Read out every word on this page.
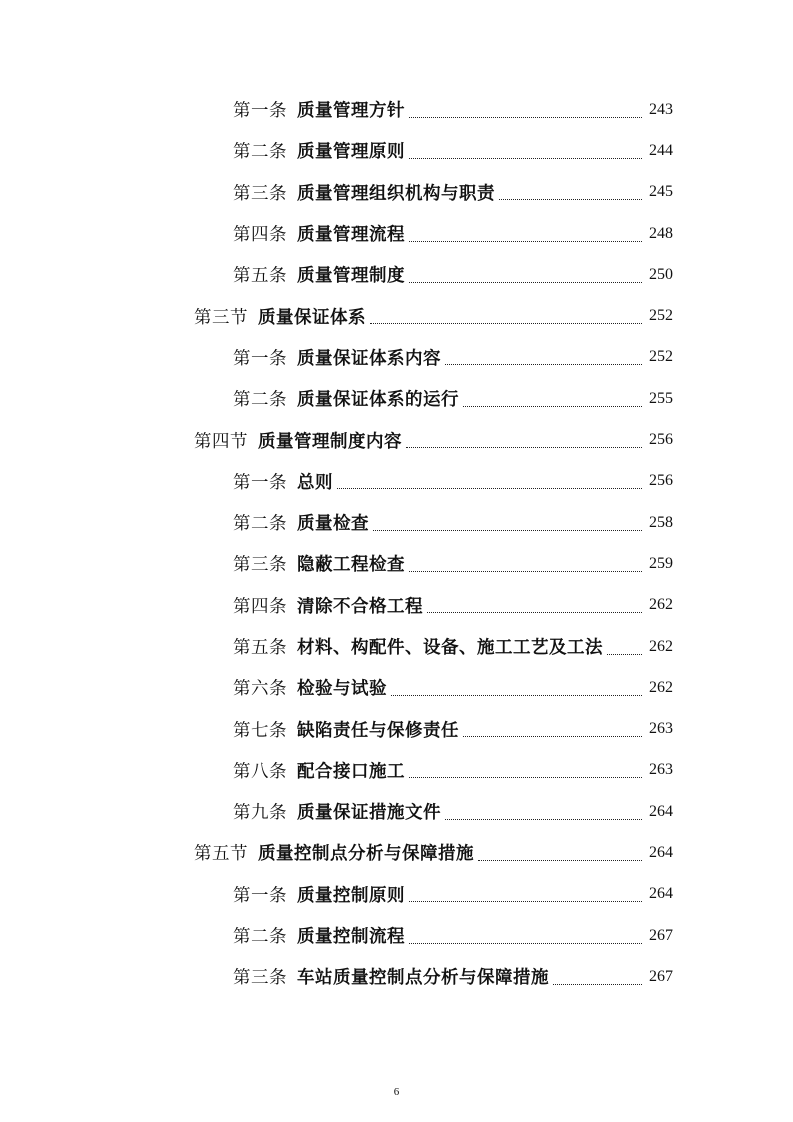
第一条 质量管理方针	243
第二条 质量管理原则	244
第三条 质量管理组织机构与职责	245
第四条 质量管理流程	248
第五条 质量管理制度	250
第三节 质量保证体系	252
第一条 质量保证体系内容	252
第二条 质量保证体系的运行	255
第四节 质量管理制度内容	256
第一条 总则	256
第二条 质量检查	258
第三条 隐蔽工程检查	259
第四条 清除不合格工程	262
第五条 材料、构配件、设备、施工工艺及工法	262
第六条 检验与试验	262
第七条 缺陷责任与保修责任	263
第八条 配合接口施工	263
第九条 质量保证措施文件	264
第五节 质量控制点分析与保障措施	264
第一条 质量控制原则	264
第二条 质量控制流程	267
第三条 车站质量控制点分析与保障措施	267
6
